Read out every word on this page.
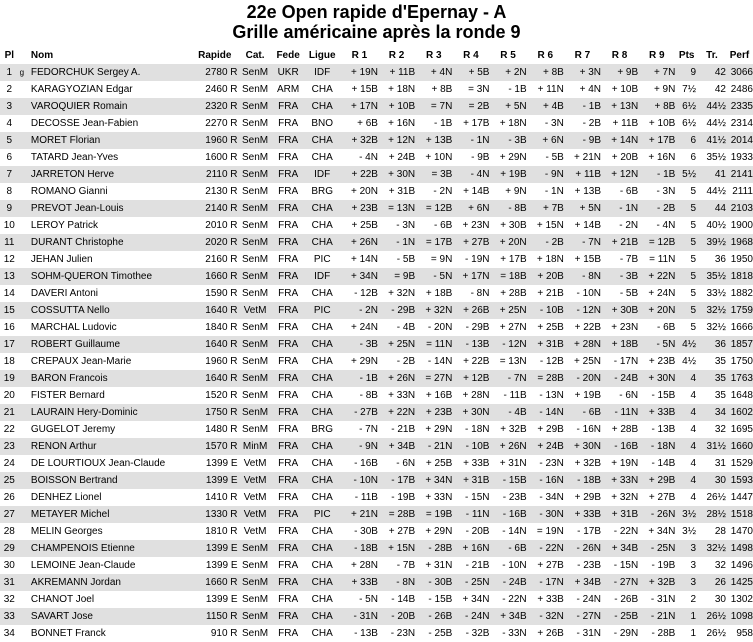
22e Open rapide d'Epernay - A
Grille américaine après la ronde 9
Pl		Nom	Rapide	Cat.	Fede	Ligue	R 1	R 2	R 3	R 4	R 5	R 6	R 7	R 8	R 9	Pts	Tr.	Perf
1	g	FEDORCHUK Sergey A.	2780 R	SenM	UKR	IDF	+ 19N	+ 11B	+ 4N	+ 5B	+ 2N	+ 8B	+ 3N	+ 9B	+ 7N	9	42	3066
2		KARAGYOZIAN Edgar	2460 R	SenM	ARM	CHA	+ 15B	+ 18N	+ 8B	= 3N	- 1B	+ 11N	+ 4N	+ 10B	+ 9N	7½	42	2486
3		VAROQUIER Romain	2320 R	SenM	FRA	CHA	+ 17N	+ 10B	= 7N	= 2B	+ 5N	+ 4B	- 1B	+ 13N	+ 8B	6½	44½	2335
4		DECOSSE Jean-Fabien	2270 R	SenM	FRA	BNO	+ 6B	+ 16N	- 1B	+ 17B	+ 18N	- 3N	- 2B	+ 11B	+ 10B	6½	44½	2314
5		MORET Florian	1960 R	SenM	FRA	CHA	+ 32B	+ 12N	+ 13B	- 1N	- 3B	+ 6N	- 9B	+ 14N	+ 17B	6	41½	2014
6		TATARD Jean-Yves	1600 R	SenM	FRA	CHA	- 4N	+ 24B	+ 10N	- 9B	+ 29N	- 5B	+ 21N	+ 20B	+ 16N	6	35½	1933
7		JARRETON Herve	2110 R	SenM	FRA	IDF	+ 22B	+ 30N	= 3B	- 4N	+ 19B	- 9N	+ 11B	+ 12N	- 1B	5½	41	2141
8		ROMANO Gianni	2130 R	SenM	FRA	BRG	+ 20N	+ 31B	- 2N	+ 14B	+ 9N	- 1N	+ 13B	- 6B	- 3N	5	44½	2111
9		PREVOT Jean-Louis	2140 R	SenM	FRA	CHA	+ 23B	= 13N	= 12B	+ 6N	- 8B	+ 7B	+ 5N	- 1N	- 2B	5	44	2103
10		LEROY Patrick	2010 R	SenM	FRA	CHA	+ 25B	- 3N	- 6B	+ 23N	+ 30B	+ 15N	+ 14B	- 2N	- 4N	5	40½	1900
11		DURANT Christophe	2020 R	SenM	FRA	CHA	+ 26N	- 1N	= 17B	+ 27B	+ 20N	- 2B	- 7N	+ 21B	= 12B	5	39½	1968
12		JEHAN Julien	2160 R	SenM	FRA	PIC	+ 14N	- 5B	= 9N	- 19N	+ 17B	+ 18N	+ 15B	- 7B	= 11N	5	36	1950
13		SOHM-QUERON Timothee	1660 R	SenM	FRA	IDF	+ 34N	= 9B	- 5N	+ 17N	= 18B	+ 20B	- 8N	- 3B	+ 22N	5	35½	1818
14		DAVERI Antoni	1590 R	SenM	FRA	CHA	- 12B	+ 32N	+ 18B	- 8N	+ 28B	+ 21B	- 10N	- 5B	+ 24N	5	33½	1882
15		COSSUTTA Nello	1640 R	VetM	FRA	PIC	- 2N	- 29B	+ 32N	+ 26B	+ 25N	- 10B	- 12N	+ 30B	+ 20N	5	32½	1759
16		MARCHAL Ludovic	1840 R	SenM	FRA	CHA	+ 24N	- 4B	- 20N	- 29B	+ 27N	+ 25B	+ 22B	+ 23N	- 6B	5	32½	1666
17		ROBERT Guillaume	1640 R	SenM	FRA	CHA	- 3B	+ 25N	= 11N	- 13B	- 12N	+ 31B	+ 28N	+ 18B	- 5N	4½	36	1857
18		CREPAUX Jean-Marie	1960 R	SenM	FRA	CHA	+ 29N	- 2B	- 14N	+ 22B	= 13N	- 12B	+ 25N	- 17N	+ 23B	4½	35	1750
19		BARON Francois	1640 R	SenM	FRA	CHA	- 1B	+ 26N	= 27N	+ 12B	- 7N	= 28B	- 20N	- 24B	+ 30N	4	35	1763
20		FISTER Bernard	1520 R	SenM	FRA	CHA	- 8B	+ 33N	+ 16B	+ 28N	- 11B	- 13N	+ 19B	- 6N	- 15B	4	35	1648
21		LAURAIN Hery-Dominic	1750 R	SenM	FRA	CHA	- 27B	+ 22N	+ 23B	+ 30N	- 4B	- 14N	- 6B	- 11N	+ 33B	4	34	1602
22		GUGELOT Jeremy	1480 R	SenM	FRA	BRG	- 7N	- 21B	+ 29N	- 18N	+ 32B	+ 29B	- 16N	+ 28B	- 13B	4	32	1695
23		RENON Arthur	1570 R	MinM	FRA	CHA	- 9N	+ 34B	- 21N	- 10B	+ 26N	+ 24B	+ 30N	- 16B	- 18N	4	31½	1660
24		DE LOURTIOUX Jean-Claude	1399 E	VetM	FRA	CHA	- 16B	- 6N	+ 25B	+ 33B	+ 31N	- 23N	+ 32B	+ 19N	- 14B	4	31	1529
25		BOISSON Bertrand	1399 E	VetM	FRA	CHA	- 10N	- 17B	+ 34N	+ 31B	- 15B	- 16N	- 18B	+ 33N	+ 29B	4	30	1593
26		DENHEZ Lionel	1410 R	VetM	FRA	CHA	- 11B	- 19B	+ 33N	- 15N	- 23B	- 34N	+ 29B	+ 32N	+ 27B	4	26½	1447
27		METAYER Michel	1330 R	VetM	FRA	PIC	+ 21N	= 28B	= 19B	- 11N	- 16B	- 30N	+ 33B	+ 31B	- 26N	3½	28½	1518
28		MELIN Georges	1810 R	VetM	FRA	CHA	- 30B	+ 27B	+ 29N	- 20B	- 14N	= 19N	- 17B	- 22N	+ 34N	3½	28	1470
29		CHAMPENOIS Etienne	1399 E	SenM	FRA	CHA	- 18B	+ 15N	- 28B	+ 16N	- 6B	- 22N	- 26N	+ 34B	- 25N	3	32½	1498
30		LEMOINE Jean-Claude	1399 E	SenM	FRA	CHA	+ 28N	- 7B	+ 31N	- 21B	- 10N	+ 27B	- 23B	- 15N	- 19B	3	32	1496
31		AKREMANN Jordan	1660 R	SenM	FRA	CHA	+ 33B	- 8N	- 30B	- 25N	- 24B	- 17N	+ 34B	- 27N	+ 32B	3	26	1425
32		CHANOT Joel	1399 E	SenM	FRA	CHA	- 5N	- 14B	- 15B	+ 34N	- 22N	+ 33B	- 24N	- 26B	- 31N	2	30	1302
33		SAVART Jose	1150 R	SenM	FRA	CHA	- 31N	- 20B	- 26B	- 24N	+ 34B	- 32N	- 27N	- 25B	- 21N	1	26½	1098
34		BONNET Franck	910 R	SenM	FRA	CHA	- 13B	- 23N	- 25B	- 32B	- 33N	+ 26B	- 31N	- 29N	- 28B	1	26½	958
